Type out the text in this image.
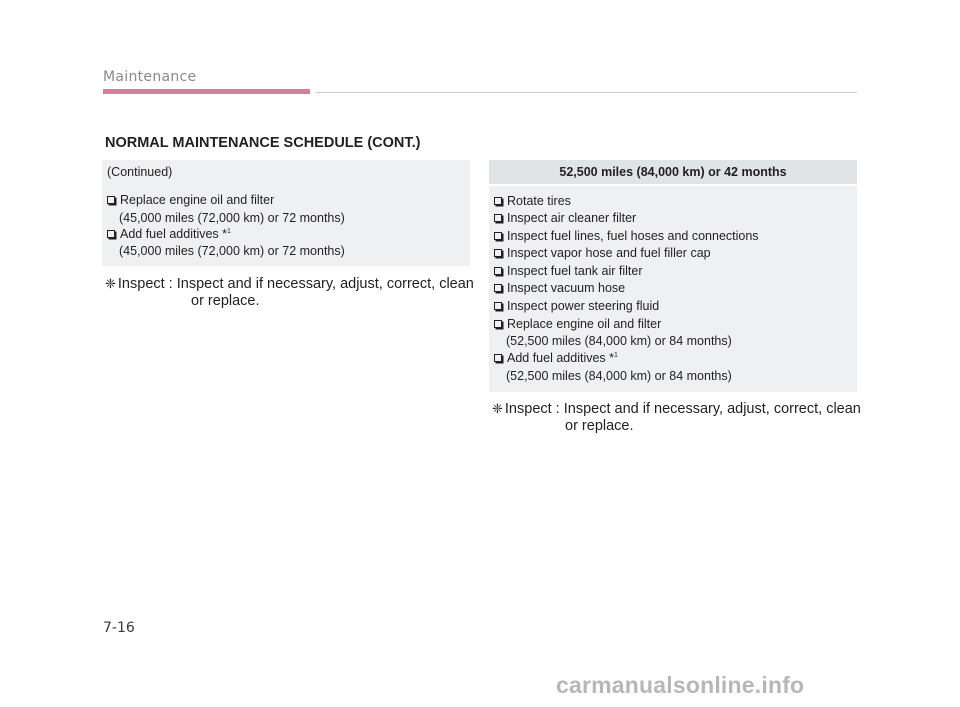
Maintenance
NORMAL MAINTENANCE SCHEDULE (CONT.)
(Continued)
Replace engine oil and filter
(45,000 miles (72,000 km) or 72 months)
Add fuel additives *$^1$
(45,000 miles (72,000 km) or 72 months)
❈ Inspect : Inspect and if necessary, adjust, correct, clean
or replace.
52,500 miles (84,000 km) or 42 months
Rotate tires
Inspect air cleaner filter
Inspect fuel lines, fuel hoses and connections
Inspect vapor hose and fuel filler cap
Inspect fuel tank air filter
Inspect vacuum hose
Inspect power steering fluid
Replace engine oil and filter
(52,500 miles (84,000 km) or 84 months)
Add fuel additives *$^1$
(52,500 miles (84,000 km) or 84 months)
❈ Inspect : Inspect and if necessary, adjust, correct, clean
or replace.
7-16
carmanualsonline.info
